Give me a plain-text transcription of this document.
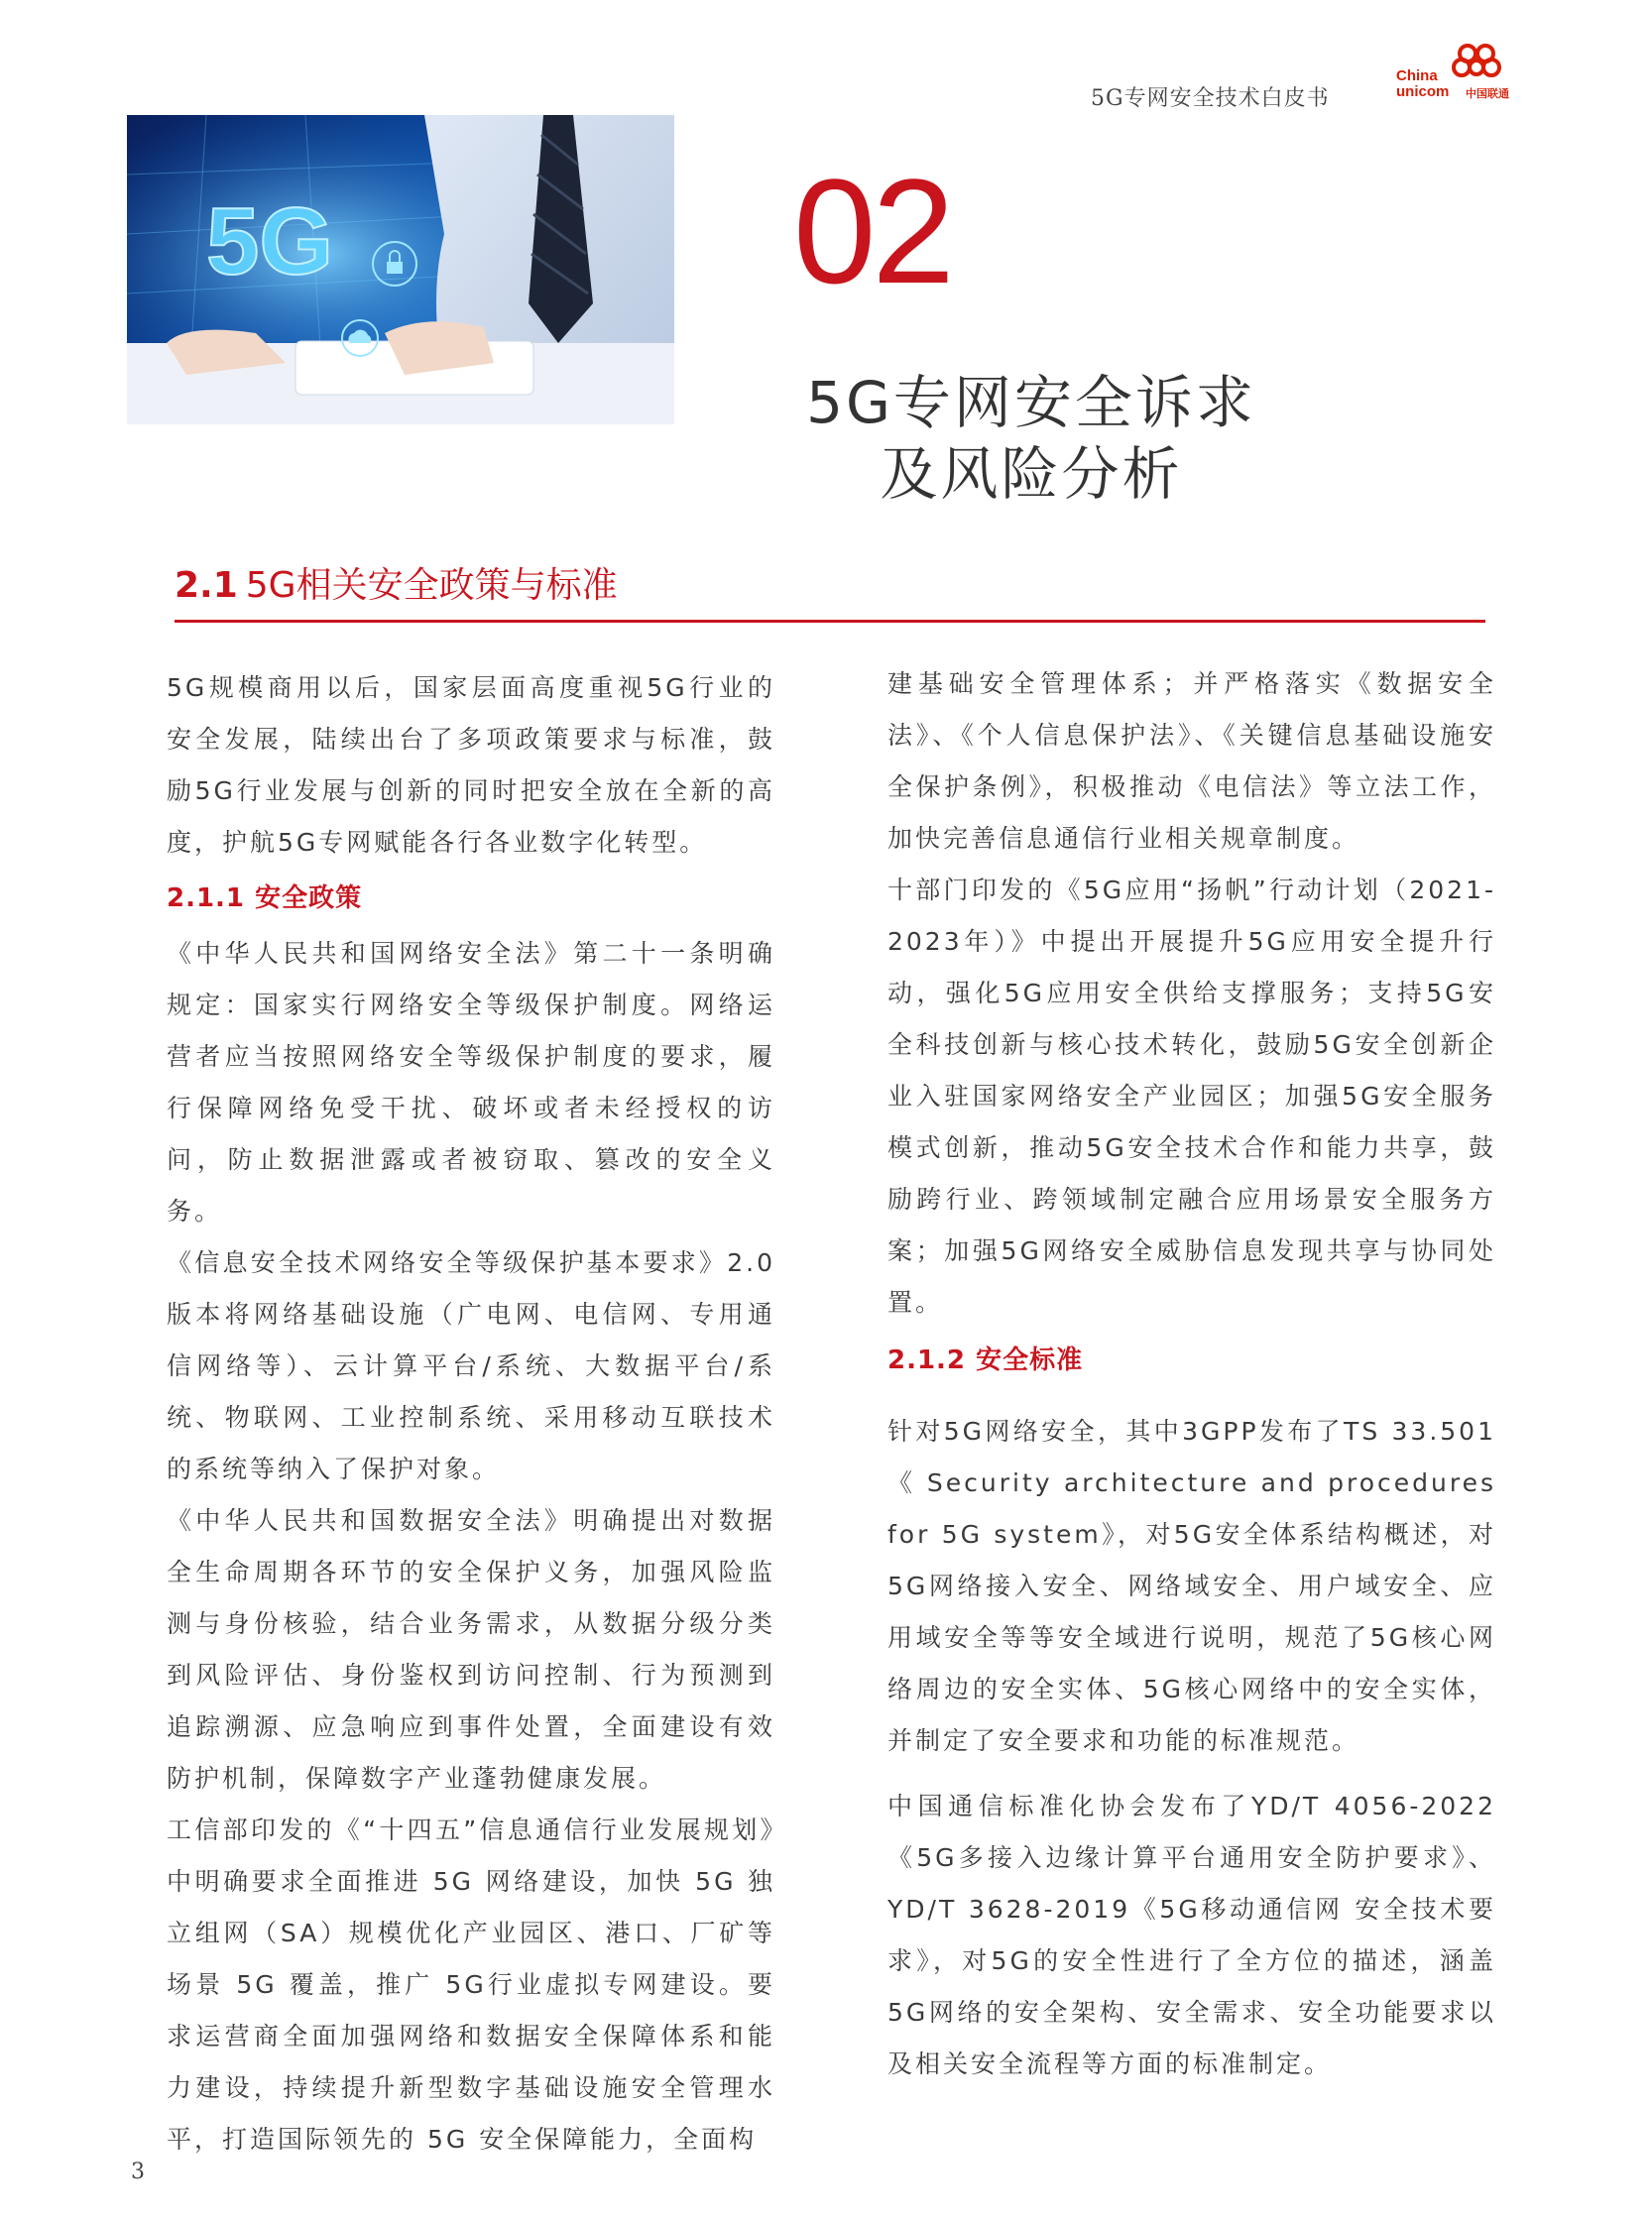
5G专网安全技术白皮书
China
unicom 中国联通
5G	02
5G专网安全诉求
及风险分析
2.1 5G相关安全政策与标准

5G规模商用以后，国家层面高度重视5G行业的安全发展，陆续出台了多项政策要求与标准，鼓励5G行业发展与创新的同时把安全放在全新的高度，护航5G专网赋能各行各业数字化转型。

2.1.1 安全政策

《中华人民共和国网络安全法》第二十一条明确规定：国家实行网络安全等级保护制度。网络运营者应当按照网络安全等级保护制度的要求，履行保障网络免受干扰、破坏或者未经授权的访问，防止数据泄露或者被窃取、篡改的安全义务。

《信息安全技术网络安全等级保护基本要求》2.0版本将网络基础设施（广电网、电信网、专用通信网络等）、云计算平台/系统、大数据平台/系统、物联网、工业控制系统、采用移动互联技术的系统等纳入了保护对象。

《中华人民共和国数据安全法》明确提出对数据全生命周期各环节的安全保护义务，加强风险监测与身份核验，结合业务需求，从数据分级分类到风险评估、身份鉴权到访问控制、行为预测到追踪溯源、应急响应到事件处置，全面建设有效防护机制，保障数字产业蓬勃健康发展。

工信部印发的《“十四五”信息通信行业发展规划》中明确要求全面推进 5G 网络建设，加快 5G 独立组网（SA）规模优化产业园区、港口、厂矿等场景 5G 覆盖，推广 5G行业虚拟专网建设。要求运营商全面加强网络和数据安全保障体系和能力建设，持续提升新型数字基础设施安全管理水平，打造国际领先的 5G 安全保障能力，全面构

建基础安全管理体系；并严格落实《数据安全法》、《个人信息保护法》、《关键信息基础设施安全保护条例》，积极推动《电信法》等立法工作，加快完善信息通信行业相关规章制度。

十部门印发的《5G应用“扬帆”行动计划（2021-2023年）》中提出开展提升5G应用安全提升行动，强化5G应用安全供给支撑服务；支持5G安全科技创新与核心技术转化，鼓励5G安全创新企业入驻国家网络安全产业园区；加强5G安全服务模式创新，推动5G安全技术合作和能力共享，鼓励跨行业、跨领域制定融合应用场景安全服务方案；加强5G网络安全威胁信息发现共享与协同处置。

2.1.2 安全标准

针对5G网络安全，其中3GPP发布了TS 33.501《 Security architecture and procedures for 5G system》，对5G安全体系结构概述，对5G网络接入安全、网络域安全、用户域安全、应用域安全等等安全域进行说明，规范了5G核心网络周边的安全实体、5G核心网络中的安全实体，并制定了安全要求和功能的标准规范。

中国通信标准化协会发布了YD/T 4056-2022《5G多接入边缘计算平台通用安全防护要求》、YD/T 3628-2019《5G移动通信网 安全技术要求》，对5G的安全性进行了全方位的描述，涵盖5G网络的安全架构、安全需求、安全功能要求以及相关安全流程等方面的标准制定。

3
